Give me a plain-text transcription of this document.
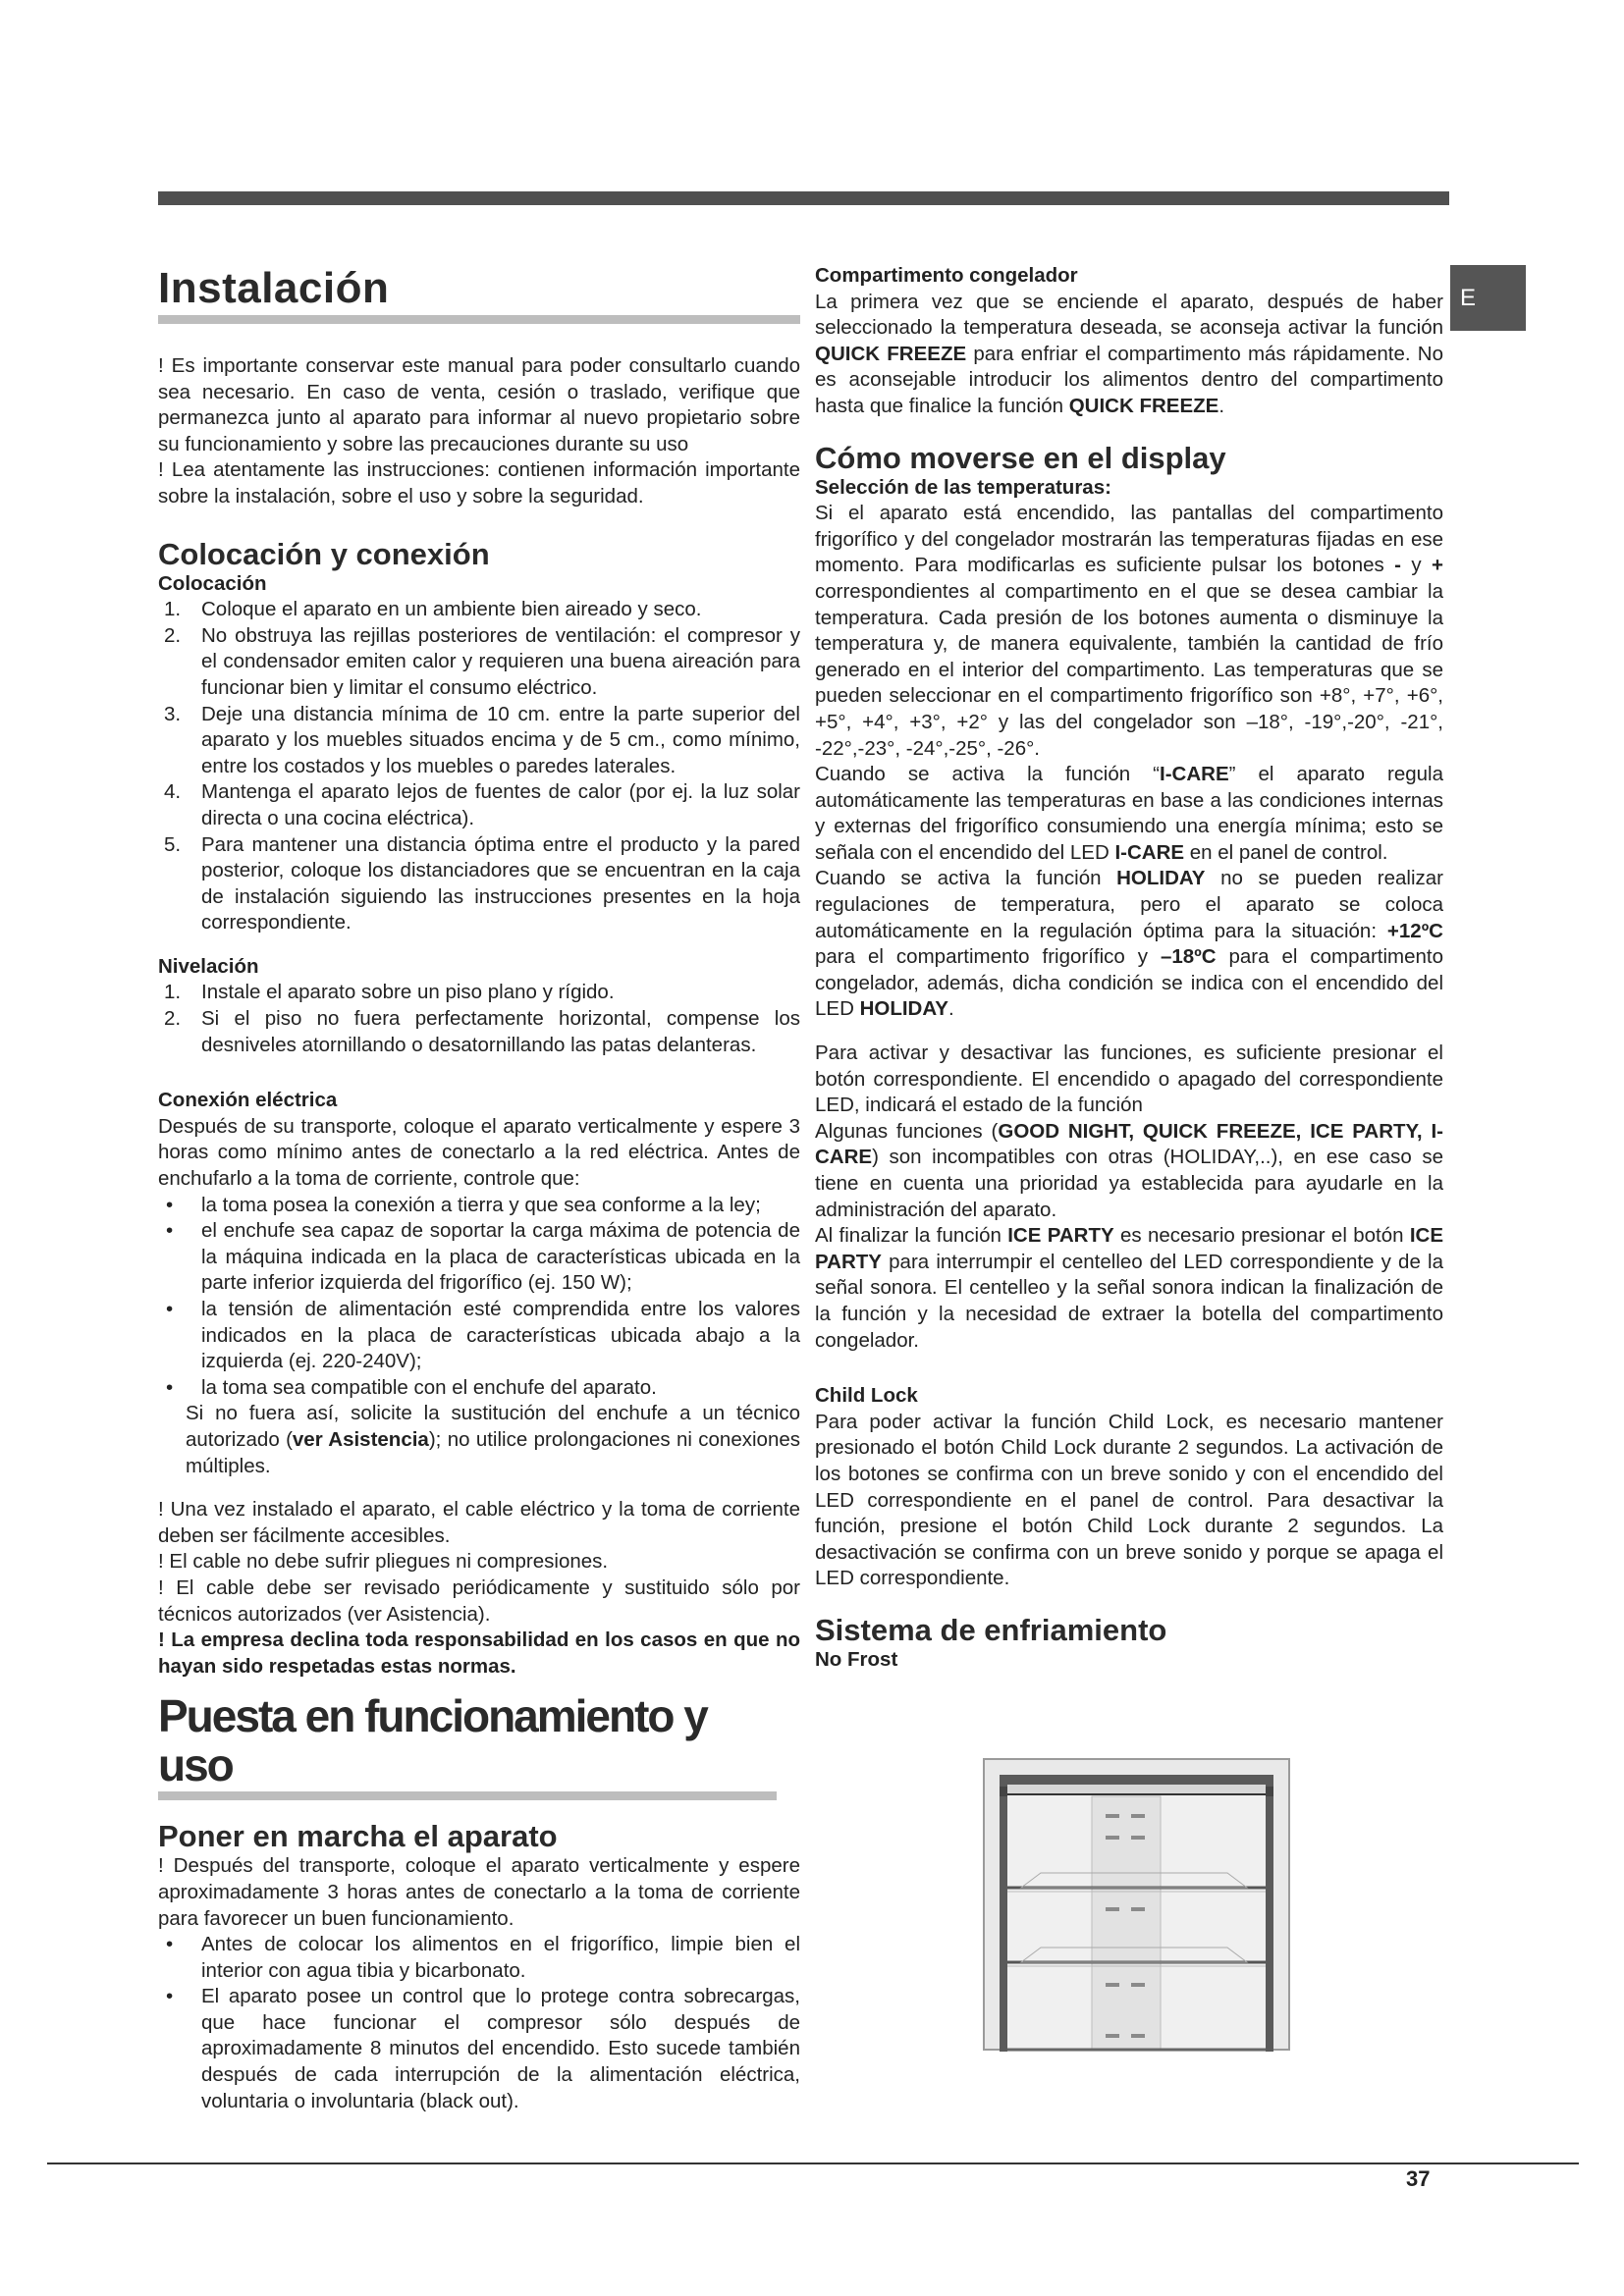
E
Instalación

! Es importante conservar este manual para poder consultarlo cuando sea necesario. En caso de venta, cesión o traslado, verifique que permanezca junto al aparato para informar al nuevo propietario sobre su funcionamiento y sobre las precauciones durante su uso

! Lea atentamente las instrucciones: contienen información importante sobre la instalación, sobre el uso y sobre la seguridad.

Colocación y conexión
Colocación
1. Coloque el aparato en un ambiente bien aireado y seco.
2. No obstruya las rejillas posteriores de ventilación: el compresor y el condensador emiten calor y requieren una buena aireación para funcionar bien y limitar el consumo eléctrico.
3. Deje una distancia mínima de 10 cm. entre la parte superior del aparato y los muebles situados encima y de 5 cm., como mínimo, entre los costados y los muebles o paredes laterales.
4. Mantenga el aparato lejos de fuentes de calor (por ej. la luz solar directa o una cocina eléctrica).
5. Para mantener una distancia óptima entre el producto y la pared posterior, coloque los distanciadores que se encuentran en la caja de instalación siguiendo las instrucciones presentes en la hoja correspondiente.
Nivelación
1. Instale el aparato sobre un piso plano y rígido.
2. Si el piso no fuera perfectamente horizontal, compense los desniveles atornillando o desatornillando las patas delanteras.
Conexión eléctrica

Después de su transporte, coloque el aparato verticalmente y espere 3 horas como mínimo antes de conectarlo a la red eléctrica. Antes de enchufarlo a la toma de corriente, controle que:

• la toma posea la conexión a tierra y que sea conforme a la ley;
• el enchufe sea capaz de soportar la carga máxima de potencia de la máquina indicada en la placa de características ubicada en la parte inferior izquierda del frigorífico (ej. 150 W);
• la tensión de alimentación esté comprendida entre los valores indicados en la placa de características ubicada abajo a la izquierda (ej. 220-240V);
• la toma sea compatible con el enchufe del aparato.

Si no fuera así, solicite la sustitución del enchufe a un técnico autorizado (ver Asistencia); no utilice prolongaciones ni conexiones múltiples.

! Una vez instalado el aparato, el cable eléctrico y la toma de corriente deben ser fácilmente accesibles.

! El cable no debe sufrir pliegues ni compresiones.

! El cable debe ser revisado periódicamente y sustituido sólo por técnicos autorizados (ver Asistencia).

! La empresa declina toda responsabilidad en los casos en que no hayan sido respetadas estas normas.

Puesta en funcionamiento y uso
Poner en marcha el aparato

! Después del transporte, coloque el aparato verticalmente y espere aproximadamente 3 horas antes de conectarlo a la toma de corriente para favorecer un buen funcionamiento.

• Antes de colocar los alimentos en el frigorífico, limpie bien el interior con agua tibia y bicarbonato.
• El aparato posee un control que lo protege contra sobrecargas, que hace funcionar el compresor sólo después de aproximadamente 8 minutos del encendido. Esto sucede también después de cada interrupción de la alimentación eléctrica, voluntaria o involuntaria (black out).
Compartimento congelador

La primera vez que se enciende el aparato, después de haber seleccionado la temperatura deseada, se aconseja activar la función QUICK FREEZE para enfriar el compartimento más rápidamente. No es aconsejable introducir los alimentos dentro del compartimento hasta que finalice la función QUICK FREEZE.

Cómo moverse en el display
Selección de las temperaturas:

Si el aparato está encendido, las pantallas del compartimento frigorífico y del congelador mostrarán las temperaturas fijadas en ese momento. Para modificarlas es suficiente pulsar los botones - y + correspondientes al compartimento en el que se desea cambiar la temperatura. Cada presión de los botones aumenta o disminuye la temperatura y, de manera equivalente, también la cantidad de frío generado en el interior del compartimento. Las temperaturas que se pueden seleccionar en el compartimento frigorífico son +8°, +7°, +6°, +5°, +4°, +3°, +2° y las del congelador son –18°, -19°,-20°, -21°, -22°,-23°, -24°,-25°, -26°.

Cuando se activa la función “I-CARE” el aparato regula automáticamente las temperaturas en base a las condiciones internas y externas del frigorífico consumiendo una energía mínima; esto se señala con el encendido del LED I-CARE en el panel de control.

Cuando se activa la función HOLIDAY no se pueden realizar regulaciones de temperatura, pero el aparato se coloca automáticamente en la regulación óptima para la situación: +12ºC para el compartimento frigorífico y –18ºC para el compartimento congelador, además, dicha condición se indica con el encendido del LED HOLIDAY.

Para activar y desactivar las funciones, es suficiente presionar el botón correspondiente. El encendido o apagado del correspondiente LED, indicará el estado de la función

Algunas funciones (GOOD NIGHT, QUICK FREEZE, ICE PARTY, I-CARE) son incompatibles con otras (HOLIDAY,..), en ese caso se tiene en cuenta una prioridad ya establecida para ayudarle en la administración del aparato.

Al finalizar la función ICE PARTY es necesario presionar el botón ICE PARTY para interrumpir el centelleo del LED correspondiente y de la señal sonora. El centelleo y la señal sonora indican la finalización de la función y la necesidad de extraer la botella del compartimento congelador.

Child Lock

Para poder activar la función Child Lock, es necesario mantener presionado el botón Child Lock durante 2 segundos. La activación de los botones se confirma con un breve sonido y con el encendido del LED correspondiente en el panel de control. Para desactivar la función, presione el botón Child Lock durante 2 segundos. La desactivación se confirma con un breve sonido y porque se apaga el LED correspondiente.

Sistema de enfriamiento
No Frost
37
